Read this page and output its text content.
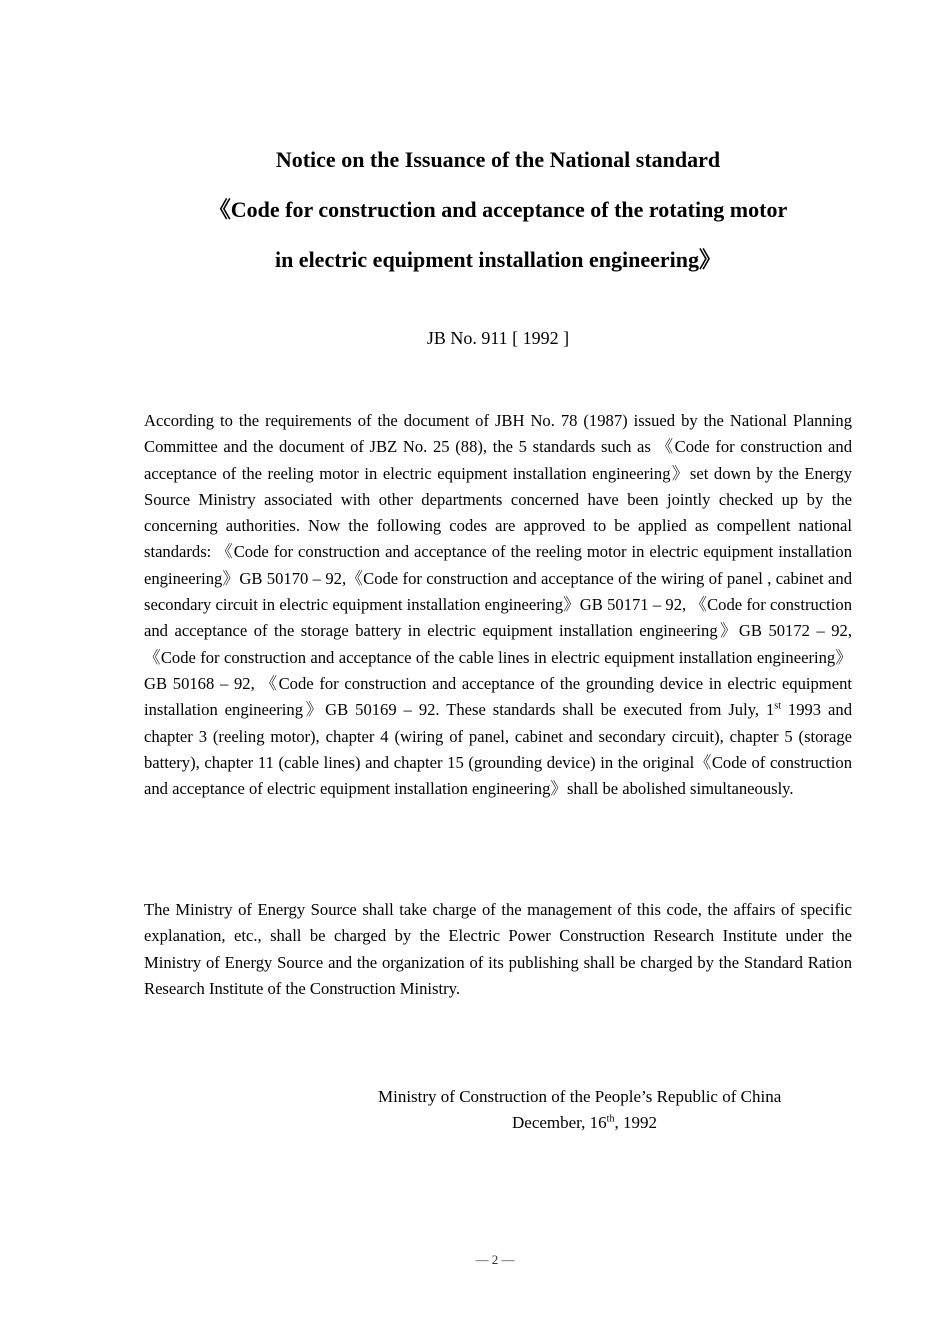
Notice on the Issuance of the National standard
《Code for construction and acceptance of the rotating motor
in electric equipment installation engineering》
JB No. 911 [ 1992 ]

According to the requirements of the document of JBH No. 78 (1987) issued by the National Planning Committee and the document of JBZ No. 25 (88), the 5 standards such as 《Code for construction and acceptance of the reeling motor in electric equipment installation engineering》set down by the Energy Source Ministry associated with other departments concerned have been jointly checked up by the concerning authorities. Now the following codes are approved to be applied as compellent national standards: 《Code for construction and acceptance of the reeling motor in electric equipment installation engineering》GB 50170 – 92,《Code for construction and acceptance of the wiring of panel , cabinet and secondary circuit in electric equipment installation engineering》GB 50171 – 92, 《Code for construction and acceptance of the storage battery in electric equipment installation engineering》GB 50172 – 92, 《Code for construction and acceptance of the cable lines in electric equipment installation engineering》GB 50168 – 92, 《Code for construction and acceptance of the grounding device in electric equipment installation engineering》GB 50169 – 92. These standards shall be executed from July, 1st 1993 and chapter 3 (reeling motor), chapter 4 (wiring of panel, cabinet and secondary circuit), chapter 5 (storage battery), chapter 11 (cable lines) and chapter 15 (grounding device) in the original《Code of construction and acceptance of electric equipment installation engineering》shall be abolished simultaneously.

The Ministry of Energy Source shall take charge of the management of this code, the affairs of specific explanation, etc., shall be charged by the Electric Power Construction Research Institute under the Ministry of Energy Source and the organization of its publishing shall be charged by the Standard Ration Research Institute of the Construction Ministry.

Ministry of Construction of the People’s Republic of China
December, 16th, 1992
— 2 —
